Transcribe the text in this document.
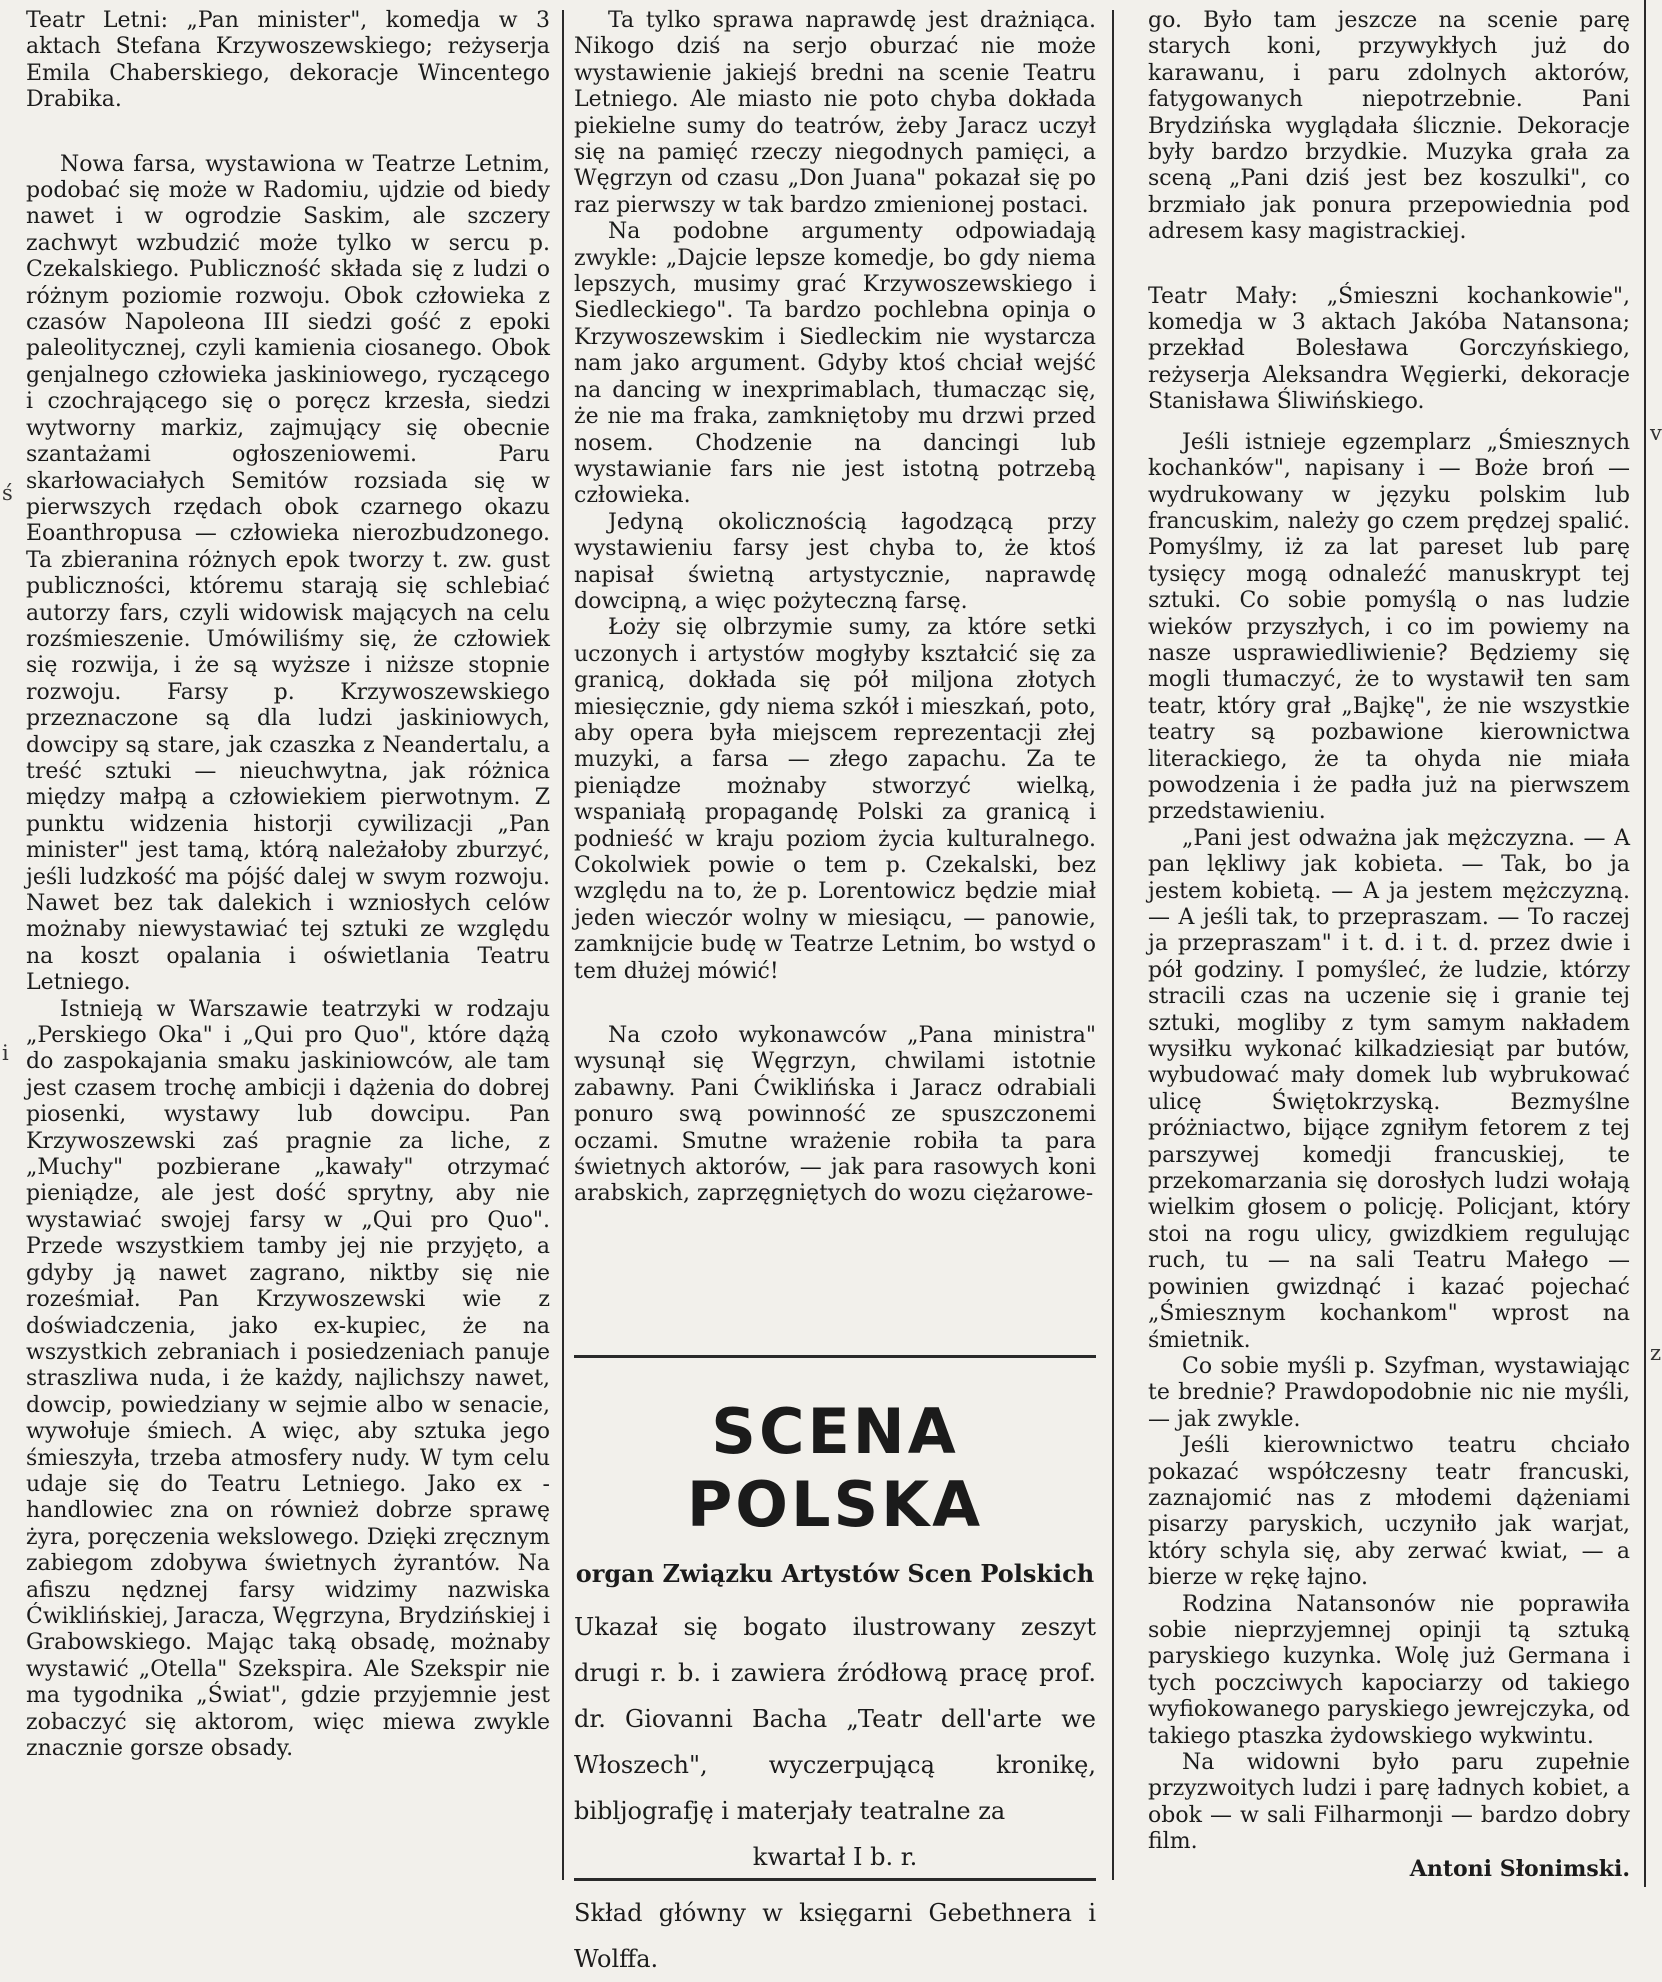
ś
i
v
z

Teatr Letni: „Pan minister", komedja w 3 aktach Stefana Krzywoszewskiego; reżyserja Emila Chaberskiego, dekoracje Wincentego Drabika.

Nowa farsa, wystawiona w Teatrze Letnim, podobać się może w Radomiu, ujdzie od biedy nawet i w ogrodzie Saskim, ale szczery zachwyt wzbudzić może tylko w sercu p. Czekalskiego. Publiczność składa się z ludzi o różnym poziomie rozwoju. Obok człowieka z czasów Napoleona III siedzi gość z epoki paleolitycznej, czyli kamienia ciosanego. Obok genjalnego człowieka jaskiniowego, ryczącego i czochrającego się o poręcz krzesła, siedzi wytworny markiz, zajmujący się obecnie szantażami ogłoszeniowemi. Paru skarłowaciałych Semitów rozsiada się w pierwszych rzędach obok czarnego okazu Eoanthropusa — człowieka nierozbudzonego. Ta zbieranina różnych epok tworzy t. zw. gust publiczności, któremu starają się schlebiać autorzy fars, czyli widowisk mających na celu rozśmieszenie. Umówiliśmy się, że człowiek się rozwija, i że są wyższe i niższe stopnie rozwoju. Farsy p. Krzywoszewskiego przeznaczone są dla ludzi jaskiniowych, dowcipy są stare, jak czaszka z Neandertalu, a treść sztuki — nieuchwytna, jak różnica między małpą a człowiekiem pierwotnym. Z punktu widzenia historji cywilizacji „Pan minister" jest tamą, którą należałoby zburzyć, jeśli ludzkość ma pójść dalej w swym rozwoju. Nawet bez tak dalekich i wzniosłych celów możnaby niewystawiać tej sztuki ze względu na koszt opalania i oświetlania Teatru Letniego.

Istnieją w Warszawie teatrzyki w rodzaju „Perskiego Oka" i „Qui pro Quo", które dążą do zaspokajania smaku jaskiniowców, ale tam jest czasem trochę ambicji i dążenia do dobrej piosenki, wystawy lub dowcipu. Pan Krzywoszewski zaś pragnie za liche, z „Muchy" pozbierane „kawały" otrzymać pieniądze, ale jest dość sprytny, aby nie wystawiać swojej farsy w „Qui pro Quo". Przede wszystkiem tamby jej nie przyjęto, a gdyby ją nawet zagrano, niktby się nie roześmiał. Pan Krzywoszewski wie z doświadczenia, jako ex-kupiec, że na wszystkich zebraniach i posiedzeniach panuje straszliwa nuda, i że każdy, najlichszy nawet, dowcip, powiedziany w sejmie albo w senacie, wywołuje śmiech. A więc, aby sztuka jego śmieszyła, trzeba atmosfery nudy. W tym celu udaje się do Teatru Letniego. Jako ex - handlowiec zna on również dobrze sprawę żyra, poręczenia wekslowego. Dzięki zręcznym zabiegom zdobywa świetnych żyrantów. Na afiszu nędznej farsy widzimy nazwiska Ćwiklińskiej, Jaracza, Węgrzyna, Brydzińskiej i Grabowskiego. Mając taką obsadę, możnaby wystawić „Otella" Szekspira. Ale Szekspir nie ma tygodnika „Świat", gdzie przyjemnie jest zobaczyć się aktorom, więc miewa zwykle znacznie gorsze obsady.

Ta tylko sprawa naprawdę jest drażniąca. Nikogo dziś na serjo oburzać nie może wystawienie jakiejś bredni na scenie Teatru Letniego. Ale miasto nie poto chyba dokłada piekielne sumy do teatrów, żeby Jaracz uczył się na pamięć rzeczy niegodnych pamięci, a Węgrzyn od czasu „Don Juana" pokazał się po raz pierwszy w tak bardzo zmienionej postaci.

Na podobne argumenty odpowiadają zwykle: „Dajcie lepsze komedje, bo gdy niema lepszych, musimy grać Krzywoszewskiego i Siedleckiego". Ta bardzo pochlebna opinja o Krzywoszewskim i Siedleckim nie wystarcza nam jako argument. Gdyby ktoś chciał wejść na dancing w inexprimablach, tłumacząc się, że nie ma fraka, zamkniętoby mu drzwi przed nosem. Chodzenie na dancingi lub wystawianie fars nie jest istotną potrzebą człowieka.

Jedyną okolicznością łagodzącą przy wystawieniu farsy jest chyba to, że ktoś napisał świetną artystycznie, naprawdę dowcipną, a więc pożyteczną farsę.

Łoży się olbrzymie sumy, za które setki uczonych i artystów mogłyby kształcić się za granicą, dokłada się pół miljona złotych miesięcznie, gdy niema szkół i mieszkań, poto, aby opera była miejscem reprezentacji złej muzyki, a farsa — złego zapachu. Za te pieniądze możnaby stworzyć wielką, wspaniałą propagandę Polski za granicą i podnieść w kraju poziom życia kulturalnego. Cokolwiek powie o tem p. Czekalski, bez względu na to, że p. Lorentowicz będzie miał jeden wieczór wolny w miesiącu, — panowie, zamknijcie budę w Teatrze Letnim, bo wstyd o tem dłużej mówić!

Na czoło wykonawców „Pana ministra" wysunął się Węgrzyn, chwilami istotnie zabawny. Pani Ćwiklińska i Jaracz odrabiali ponuro swą powinność ze spuszczonemi oczami. Smutne wrażenie robiła ta para świetnych aktorów, — jak para rasowych koni arabskich, zaprzęgniętych do wozu ciężarowe-

SCENA POLSKA
organ Związku Artystów Scen Polskich

Ukazał się bogato ilustrowany zeszyt drugi r. b. i zawiera źródłową pracę prof. dr. Giovanni Bacha „Teatr dell'arte we Włoszech", wyczerpującą kronikę, bibljografję i materjały teatralne za

kwartał I b. r.

Skład główny w księgarni Gebethnera i Wolffa.

go. Było tam jeszcze na scenie parę starych koni, przywykłych już do karawanu, i paru zdolnych aktorów, fatygowanych niepotrzebnie. Pani Brydzińska wyglądała ślicznie. Dekoracje były bardzo brzydkie. Muzyka grała za sceną „Pani dziś jest bez koszulki", co brzmiało jak ponura przepowiednia pod adresem kasy magistrackiej.

Teatr Mały: „Śmieszni kochankowie", komedja w 3 aktach Jakóba Natansona; przekład Bolesława Gorczyńskiego, reżyserja Aleksandra Węgierki, dekoracje Stanisława Śliwińskiego.

Jeśli istnieje egzemplarz „Śmiesznych kochanków", napisany i — Boże broń — wydrukowany w języku polskim lub francuskim, należy go czem prędzej spalić. Pomyślmy, iż za lat pareset lub parę tysięcy mogą odnaleźć manuskrypt tej sztuki. Co sobie pomyślą o nas ludzie wieków przyszłych, i co im powiemy na nasze usprawiedliwienie? Będziemy się mogli tłumaczyć, że to wystawił ten sam teatr, który grał „Bajkę", że nie wszystkie teatry są pozbawione kierownictwa literackiego, że ta ohyda nie miała powodzenia i że padła już na pierwszem przedstawieniu.

„Pani jest odważna jak mężczyzna. — A pan lękliwy jak kobieta. — Tak, bo ja jestem kobietą. — A ja jestem mężczyzną. — A jeśli tak, to przepraszam. — To raczej ja przepraszam" i t. d. i t. d. przez dwie i pół godziny. I pomyśleć, że ludzie, którzy stracili czas na uczenie się i granie tej sztuki, mogliby z tym samym nakładem wysiłku wykonać kilkadziesiąt par butów, wybudować mały domek lub wybrukować ulicę Świętokrzyską. Bezmyślne próżniactwo, bijące zgniłym fetorem z tej parszywej komedji francuskiej, te przekomarzania się dorosłych ludzi wołają wielkim głosem o policję. Policjant, który stoi na rogu ulicy, gwizdkiem regulując ruch, tu — na sali Teatru Małego — powinien gwizdnąć i kazać pojechać „Śmiesznym kochankom" wprost na śmietnik.

Co sobie myśli p. Szyfman, wystawiając te brednie? Prawdopodobnie nic nie myśli, — jak zwykle.

Jeśli kierownictwo teatru chciało pokazać współczesny teatr francuski, zaznajomić nas z młodemi dążeniami pisarzy paryskich, uczyniło jak warjat, który schyla się, aby zerwać kwiat, — a bierze w rękę łajno.

Rodzina Natansonów nie poprawiła sobie nieprzyjemnej opinji tą sztuką paryskiego kuzynka. Wolę już Germana i tych poczciwych kapociarzy od takiego wyfiokowanego paryskiego jewrejczyka, od takiego ptaszka żydowskiego wykwintu.

Na widowni było paru zupełnie przyzwoitych ludzi i parę ładnych kobiet, a obok — w sali Filharmonji — bardzo dobry film.

Antoni Słonimski.
